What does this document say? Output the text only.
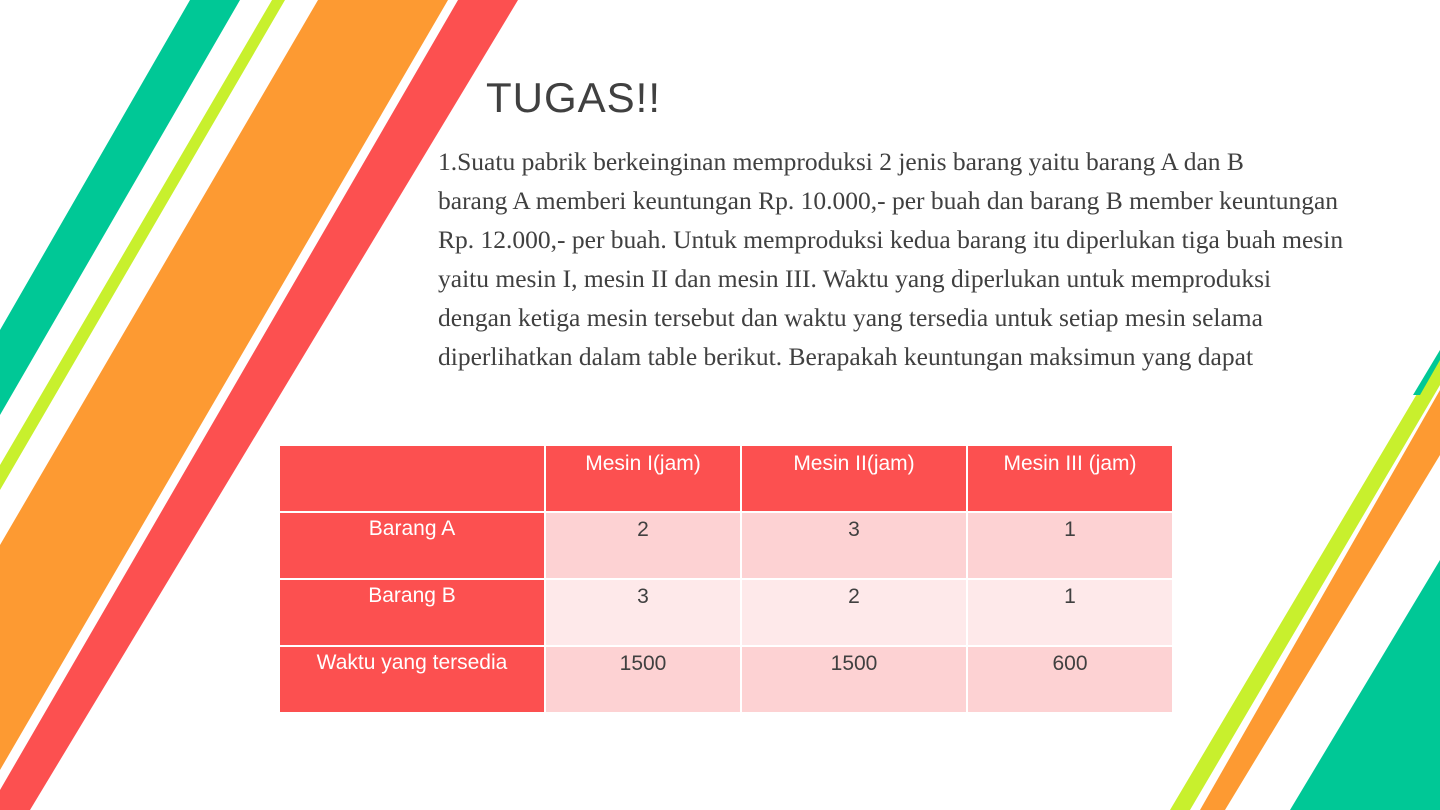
TUGAS!!
1.Suatu pabrik berkeinginan memproduksi 2 jenis barang yaitu barang A dan B
barang A memberi keuntungan Rp. 10.000,- per buah dan barang B member keuntungan
Rp. 12.000,- per buah. Untuk memproduksi kedua barang itu diperlukan tiga buah mesin
yaitu mesin I, mesin II dan mesin III. Waktu yang diperlukan untuk memproduksi
dengan ketiga mesin tersebut dan waktu yang tersedia untuk setiap mesin selama
diperlihatkan dalam table berikut. Berapakah keuntungan maksimun yang dapat
	Mesin I(jam)	Mesin II(jam)	Mesin III (jam)
Barang A	2	3	1
Barang B	3	2	1
Waktu yang tersedia	1500	1500	600
